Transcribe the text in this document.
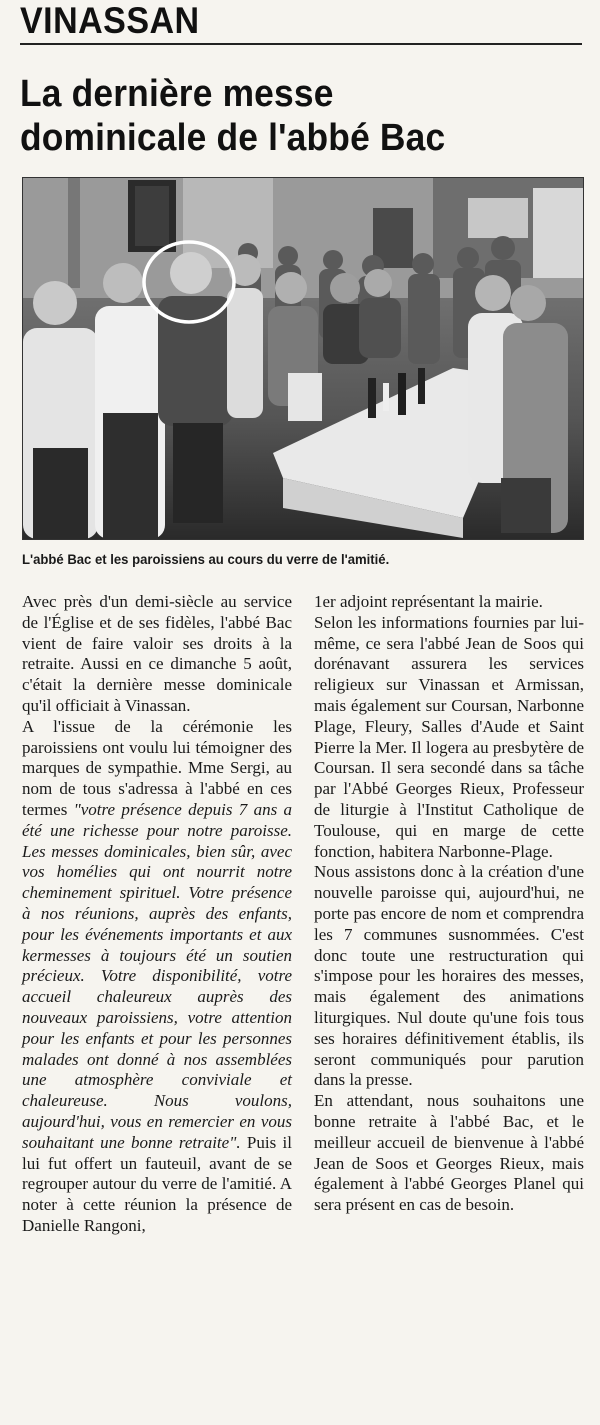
VINASSAN
La dernière messe
dominicale de l'abbé Bac
L'abbé Bac et les paroissiens au cours du verre de l'amitié.

Avec près d'un demi-siècle au service de l'Église et de ses fidèles, l'abbé Bac vient de faire valoir ses droits à la retraite. Aussi en ce dimanche 5 août, c'était la dernière messe dominicale qu'il officiait à Vinassan.

A l'issue de la cérémonie les paroissiens ont voulu lui témoigner des marques de sympathie. Mme Sergi, au nom de tous s'adressa à l'abbé en ces termes "votre présence depuis 7 ans a été une richesse pour notre paroisse. Les messes dominicales, bien sûr, avec vos homélies qui ont nourrit notre cheminement spirituel. Votre présence à nos réunions, auprès des enfants, pour les événements importants et aux kermesses à toujours été un soutien précieux. Votre disponibilité, votre accueil chaleureux auprès des nouveaux paroissiens, votre attention pour les enfants et pour les personnes malades ont donné à nos assemblées une atmosphère conviviale et chaleureuse. Nous voulons, aujourd'hui, vous en remercier en vous souhaitant une bonne retraite". Puis il lui fut offert un fauteuil, avant de se regrouper autour du verre de l'amitié. A noter à cette réunion la présence de Danielle Rangoni,

1er adjoint représentant la mairie.

Selon les informations fournies par lui-même, ce sera l'abbé Jean de Soos qui dorénavant assurera les services religieux sur Vinassan et Armissan, mais également sur Coursan, Narbonne Plage, Fleury, Salles d'Aude et Saint Pierre la Mer. Il logera au presbytère de Coursan. Il sera secondé dans sa tâche par l'Abbé Georges Rieux, Professeur de liturgie à l'Institut Catholique de Toulouse, qui en marge de cette fonction, habitera Narbonne-Plage.

Nous assistons donc à la création d'une nouvelle paroisse qui, aujourd'hui, ne porte pas encore de nom et comprendra les 7 communes susnommées. C'est donc toute une restructuration qui s'impose pour les horaires des messes, mais également des animations liturgiques. Nul doute qu'une fois tous ses horaires définitivement établis, ils seront communiqués pour parution dans la presse.

En attendant, nous souhaitons une bonne retraite à l'abbé Bac, et le meilleur accueil de bienvenue à l'abbé Jean de Soos et Georges Rieux, mais également à l'abbé Georges Planel qui sera présent en cas de besoin.
